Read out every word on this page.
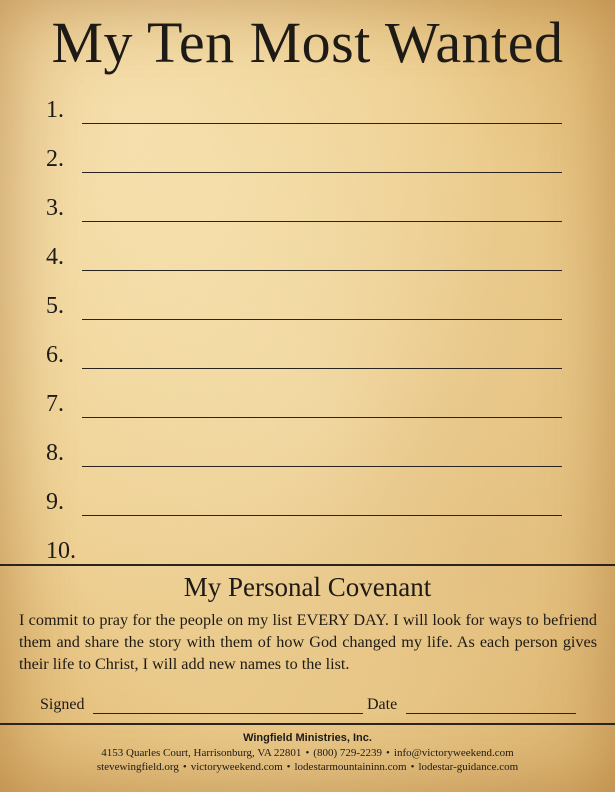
My Ten Most Wanted
1.
2.
3.
4.
5.
6.
7.
8.
9.
10.
My Personal Covenant
I commit to pray for the people on my list EVERY DAY. I will look for ways to befriend them and share the story with them of how God changed my life. As each person gives their life to Christ, I will add new names to the list.
Signed	Date
Wingfield Ministries, Inc.
4153 Quarles Court, Harrisonburg, VA 22801 • (800) 729-2239 • info@victoryweekend.com
stevewingfield.org • victoryweekend.com • lodestarmountaininn.com • lodestar-guidance.com
